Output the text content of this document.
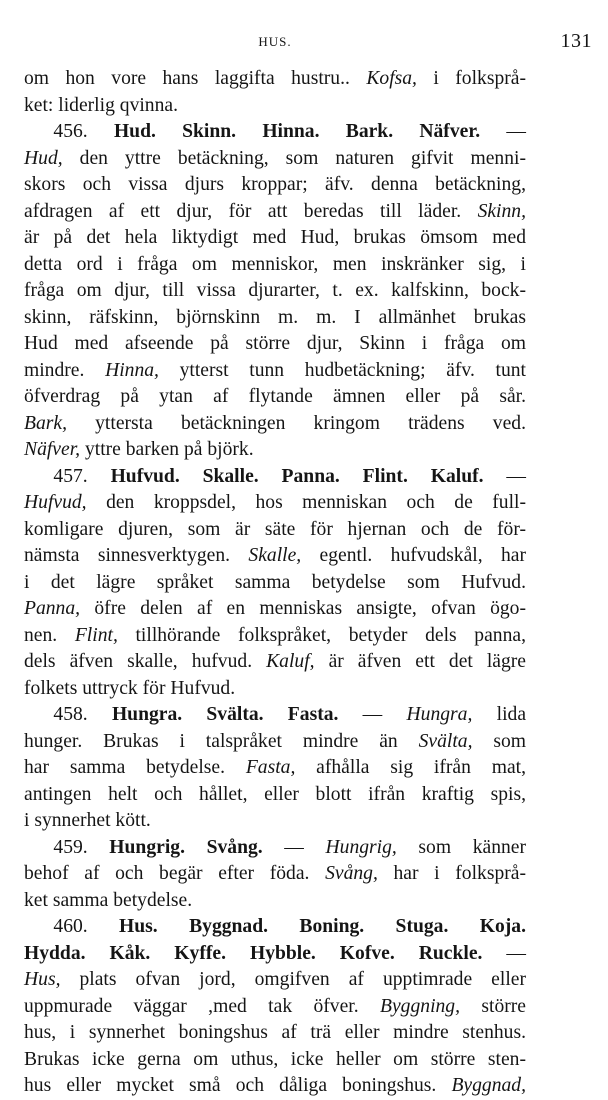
HUS.	131
om hon vore hans laggifta hustru.. Kofsa, i folksprå-
ket: liderlig qvinna.
  456. Hud. Skinn. Hinna. Bark. Näfver. —
Hud, den yttre betäckning, som naturen gifvit menni-
skors och vissa djurs kroppar; äfv. denna betäckning,
afdragen af ett djur, för att beredas till läder. Skinn,
är på det hela liktydigt med Hud, brukas ömsom med
detta ord i fråga om menniskor, men inskränker sig, i
fråga om djur, till vissa djurarter, t. ex. kalfskinn, bock-
skinn, räfskinn, björnskinn m. m. I allmänhet brukas
Hud med afseende på större djur, Skinn i fråga om
mindre. Hinna, ytterst tunn hudbetäckning; äfv. tunt
öfverdrag på ytan af flytande ämnen eller på sår.
Bark, yttersta betäckningen kringom trädens ved.
Näfver, yttre barken på björk.
  457. Hufvud. Skalle. Panna. Flint. Kaluf. —
Hufvud, den kroppsdel, hos menniskan och de full-
komligare djuren, som är säte för hjernan och de för-
nämsta sinnesverktygen. Skalle, egentl. hufvudskål, har
i det lägre språket samma betydelse som Hufvud.
Panna, öfre delen af en menniskas ansigte, ofvan ögo-
nen. Flint, tillhörande folkspråket, betyder dels panna,
dels äfven skalle, hufvud. Kaluf, är äfven ett det lägre
folkets uttryck för Hufvud.
  458. Hungra. Svälta. Fasta. — Hungra, lida
hunger. Brukas i talspråket mindre än Svälta, som
har samma betydelse. Fasta, afhålla sig ifrån mat,
antingen helt och hållet, eller blott ifrån kraftig spis,
i synnerhet kött.
  459. Hungrig. Svång. — Hungrig, som känner
behof af och begär efter föda. Svång, har i folksprå-
ket samma betydelse.
  460. Hus. Byggnad. Boning. Stuga. Koja.
Hydda. Kåk. Kyffe. Hybble. Kofve. Ruckle. —
Hus, plats ofvan jord, omgifven af upptimrade eller
uppmurade väggar ,med tak öfver. Byggning, större
hus, i synnerhet boningshus af trä eller mindre stenhus.
Brukas icke gerna om uthus, icke heller om större sten-
hus eller mycket små och dåliga boningshus. Byggnad,
